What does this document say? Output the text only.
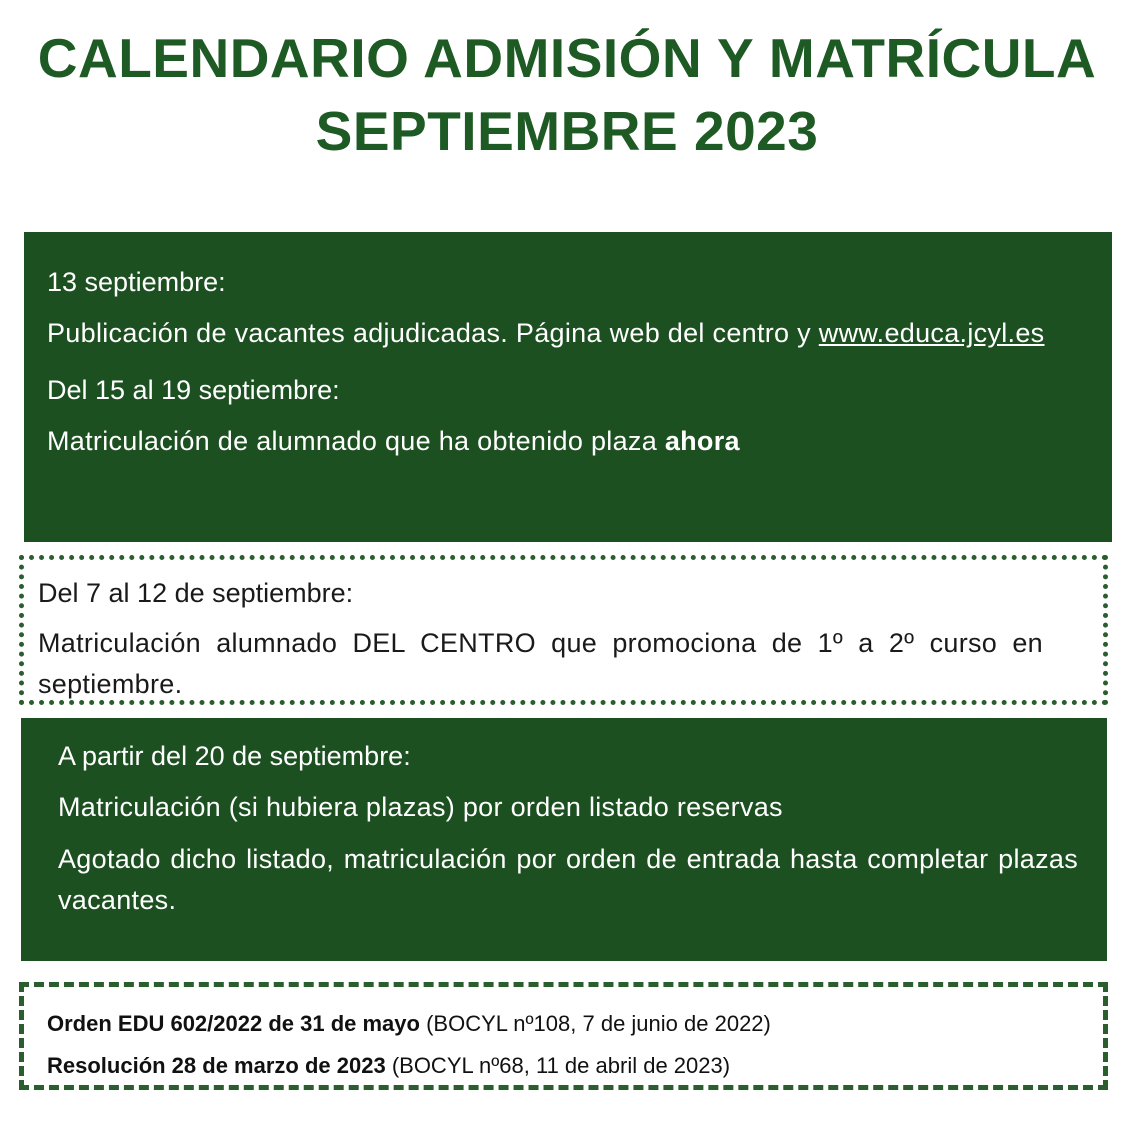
CALENDARIO ADMISIÓN Y MATRÍCULA
SEPTIEMBRE 2023
13 septiembre:
Publicación de vacantes adjudicadas. Página web del centro y www.educa.jcyl.es
Del 15 al 19 septiembre:
Matriculación de alumnado que ha obtenido plaza ahora
Del 7 al 12 de septiembre:
Matriculación alumnado DEL CENTRO que promociona de 1º a 2º curso en septiembre.
A partir del 20 de septiembre:
Matriculación (si hubiera plazas) por orden listado reservas
Agotado dicho listado, matriculación por orden de entrada hasta completar plazas vacantes.
Orden EDU 602/2022 de 31 de mayo (BOCYL nº108, 7 de junio de 2022)
Resolución 28 de marzo de 2023 (BOCYL nº68, 11 de abril de 2023)
